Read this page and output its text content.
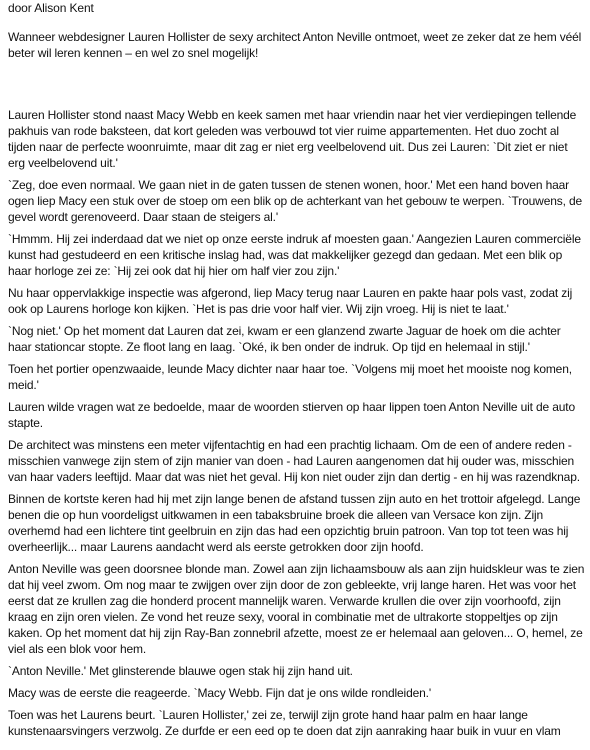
door Alison Kent

Wanneer webdesigner Lauren Hollister de sexy architect Anton Neville ontmoet, weet ze zeker dat ze hem véél beter wil leren kennen – en wel zo snel mogelijk!

Lauren Hollister stond naast Macy Webb en keek samen met haar vriendin naar het vier verdiepingen tellende pakhuis van rode baksteen, dat kort geleden was verbouwd tot vier ruime appartementen. Het duo zocht al tijden naar de perfecte woonruimte, maar dit zag er niet erg veelbelovend uit. Dus zei Lauren: `Dit ziet er niet erg veelbelovend uit.'

`Zeg, doe even normaal. We gaan niet in de gaten tussen de stenen wonen, hoor.' Met een hand boven haar ogen liep Macy een stuk over de stoep om een blik op de achterkant van het gebouw te werpen. `Trouwens, de gevel wordt gerenoveerd. Daar staan de steigers al.'

`Hmmm. Hij zei inderdaad dat we niet op onze eerste indruk af moesten gaan.' Aangezien Lauren commerciële kunst had gestudeerd en een kritische inslag had, was dat makkelijker gezegd dan gedaan. Met een blik op haar horloge zei ze: `Hij zei ook dat hij hier om half vier zou zijn.'

Nu haar oppervlakkige inspectie was afgerond, liep Macy terug naar Lauren en pakte haar pols vast, zodat zij ook op Laurens horloge kon kijken. `Het is pas drie voor half vier. Wij zijn vroeg. Hij is niet te laat.'

`Nog niet.' Op het moment dat Lauren dat zei, kwam er een glanzend zwarte Jaguar de hoek om die achter haar stationcar stopte. Ze floot lang en laag. `Oké, ik ben onder de indruk. Op tijd en helemaal in stijl.'

Toen het portier openzwaaide, leunde Macy dichter naar haar toe. `Volgens mij moet het mooiste nog komen, meid.'

Lauren wilde vragen wat ze bedoelde, maar de woorden stierven op haar lippen toen Anton Neville uit de auto stapte.

De architect was minstens een meter vijfentachtig en had een prachtig lichaam. Om de een of andere reden - misschien vanwege zijn stem of zijn manier van doen - had Lauren aangenomen dat hij ouder was, misschien van haar vaders leeftijd. Maar dat was niet het geval. Hij kon niet ouder zijn dan dertig - en hij was razendknap.

Binnen de kortste keren had hij met zijn lange benen de afstand tussen zijn auto en het trottoir afgelegd. Lange benen die op hun voordeligst uitkwamen in een tabaksbruine broek die alleen van Versace kon zijn. Zijn overhemd had een lichtere tint geelbruin en zijn das had een opzichtig bruin patroon. Van top tot teen was hij overheerlijk... maar Laurens aandacht werd als eerste getrokken door zijn hoofd.

Anton Neville was geen doorsnee blonde man. Zowel aan zijn lichaamsbouw als aan zijn huidskleur was te zien dat hij veel zwom. Om nog maar te zwijgen over zijn door de zon gebleekte, vrij lange haren. Het was voor het eerst dat ze krullen zag die honderd procent mannelijk waren. Verwarde krullen die over zijn voorhoofd, zijn kraag en zijn oren vielen. Ze vond het reuze sexy, vooral in combinatie met de ultrakorte stoppeltjes op zijn kaken. Op het moment dat hij zijn Ray-Ban zonnebril afzette, moest ze er helemaal aan geloven... O, hemel, ze viel als een blok voor hem.

`Anton Neville.' Met glinsterende blauwe ogen stak hij zijn hand uit.

Macy was de eerste die reageerde. `Macy Webb. Fijn dat je ons wilde rondleiden.'

Toen was het Laurens beurt. `Lauren Hollister,' zei ze, terwijl zijn grote hand haar palm en haar lange kunstenaarsvingers verzwolg. Ze durfde er een eed op te doen dat zijn aanraking haar buik in vuur en vlam
